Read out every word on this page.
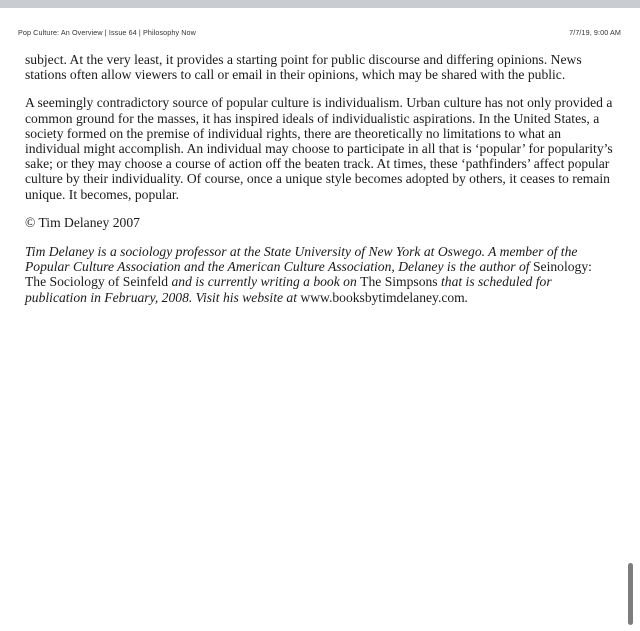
Pop Culture: An Overview | Issue 64 | Philosophy Now	7/7/19, 9:00 AM

subject. At the very least, it provides a starting point for public discourse and differing opinions. News stations often allow viewers to call or email in their opinions, which may be shared with the public.

A seemingly contradictory source of popular culture is individualism. Urban culture has not only provided a common ground for the masses, it has inspired ideals of individualistic aspirations. In the United States, a society formed on the premise of individual rights, there are theoretically no limitations to what an individual might accomplish. An individual may choose to participate in all that is ‘popular’ for popularity’s sake; or they may choose a course of action off the beaten track. At times, these ‘pathfinders’ affect popular culture by their individuality. Of course, once a unique style becomes adopted by others, it ceases to remain unique. It becomes, popular.

© Tim Delaney 2007

Tim Delaney is a sociology professor at the State University of New York at Oswego. A member of the Popular Culture Association and the American Culture Association, Delaney is the author of Seinology: The Sociology of Seinfeld and is currently writing a book on The Simpsons that is scheduled for publication in February, 2008. Visit his website at www.booksbytimdelaney.com.
